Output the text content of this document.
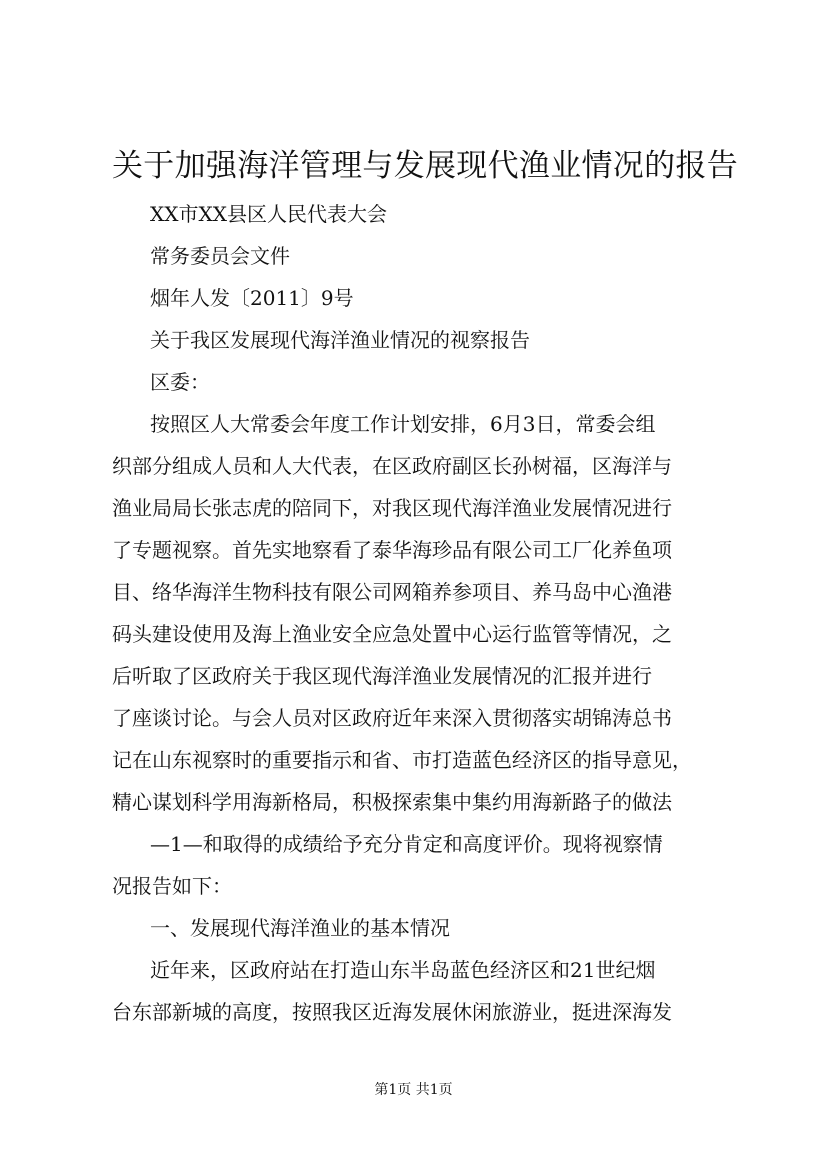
关于加强海洋管理与发展现代渔业情况的报告
XX市XX县区人民代表大会
常务委员会文件
烟年人发〔2011〕9号
关于我区发展现代海洋渔业情况的视察报告
区委：
按照区人大常委会年度工作计划安排，6月3日，常委会组
织部分组成人员和人大代表，在区政府副区长孙树福，区海洋与
渔业局局长张志虎的陪同下，对我区现代海洋渔业发展情况进行
了专题视察。首先实地察看了泰华海珍品有限公司工厂化养鱼项
目、络华海洋生物科技有限公司网箱养参项目、养马岛中心渔港
码头建设使用及海上渔业安全应急处置中心运行监管等情况，之
后听取了区政府关于我区现代海洋渔业发展情况的汇报并进行
了座谈讨论。与会人员对区政府近年来深入贯彻落实胡锦涛总书
记在山东视察时的重要指示和省、市打造蓝色经济区的指导意见，
精心谋划科学用海新格局，积极探索集中集约用海新路子的做法
—1—和取得的成绩给予充分肯定和高度评价。现将视察情
况报告如下：
一、发展现代海洋渔业的基本情况
近年来，区政府站在打造山东半岛蓝色经济区和21世纪烟
台东部新城的高度，按照我区近海发展休闲旅游业，挺进深海发
第1页 共1页
